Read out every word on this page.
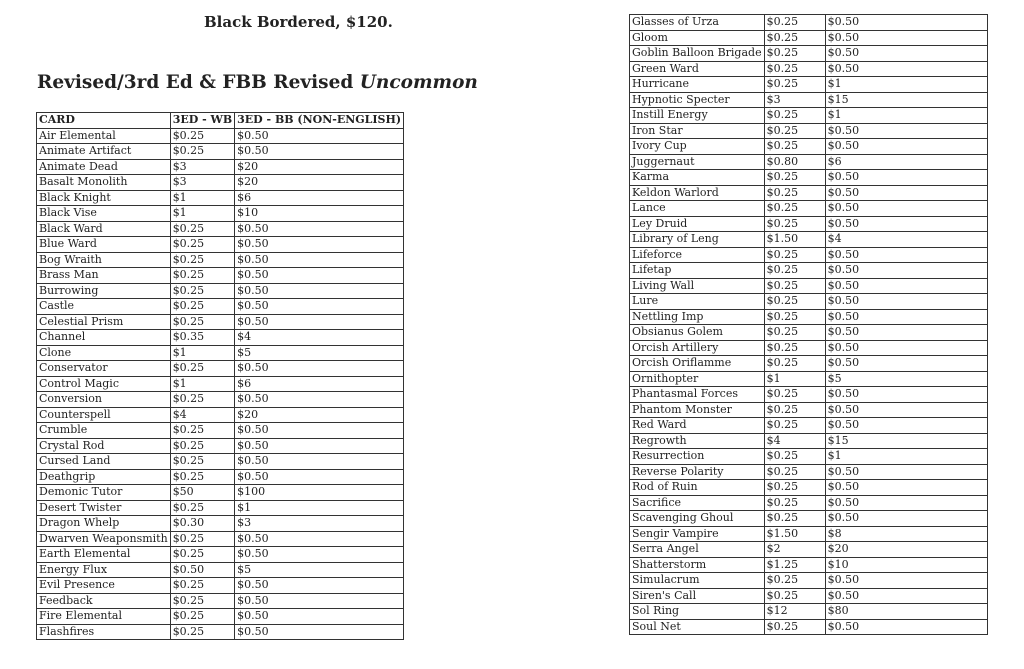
Black Bordered, $120.
Revised/3rd Ed & FBB Revised Uncommon
CARD	3ED - WB	3ED - BB (NON-ENGLISH)
Air Elemental	$0.25	$0.50
Animate Artifact	$0.25	$0.50
Animate Dead	$3	$20
Basalt Monolith	$3	$20
Black Knight	$1	$6
Black Vise	$1	$10
Black Ward	$0.25	$0.50
Blue Ward	$0.25	$0.50
Bog Wraith	$0.25	$0.50
Brass Man	$0.25	$0.50
Burrowing	$0.25	$0.50
Castle	$0.25	$0.50
Celestial Prism	$0.25	$0.50
Channel	$0.35	$4
Clone	$1	$5
Conservator	$0.25	$0.50
Control Magic	$1	$6
Conversion	$0.25	$0.50
Counterspell	$4	$20
Crumble	$0.25	$0.50
Crystal Rod	$0.25	$0.50
Cursed Land	$0.25	$0.50
Deathgrip	$0.25	$0.50
Demonic Tutor	$50	$100
Desert Twister	$0.25	$1
Dragon Whelp	$0.30	$3
Dwarven Weaponsmith	$0.25	$0.50
Earth Elemental	$0.25	$0.50
Energy Flux	$0.50	$5
Evil Presence	$0.25	$0.50
Feedback	$0.25	$0.50
Fire Elemental	$0.25	$0.50
Flashfires	$0.25	$0.50
Glasses of Urza	$0.25	$0.50
Gloom	$0.25	$0.50
Goblin Balloon Brigade	$0.25	$0.50
Green Ward	$0.25	$0.50
Hurricane	$0.25	$1
Hypnotic Specter	$3	$15
Instill Energy	$0.25	$1
Iron Star	$0.25	$0.50
Ivory Cup	$0.25	$0.50
Juggernaut	$0.80	$6
Karma	$0.25	$0.50
Keldon Warlord	$0.25	$0.50
Lance	$0.25	$0.50
Ley Druid	$0.25	$0.50
Library of Leng	$1.50	$4
Lifeforce	$0.25	$0.50
Lifetap	$0.25	$0.50
Living Wall	$0.25	$0.50
Lure	$0.25	$0.50
Nettling Imp	$0.25	$0.50
Obsianus Golem	$0.25	$0.50
Orcish Artillery	$0.25	$0.50
Orcish Oriflamme	$0.25	$0.50
Ornithopter	$1	$5
Phantasmal Forces	$0.25	$0.50
Phantom Monster	$0.25	$0.50
Red Ward	$0.25	$0.50
Regrowth	$4	$15
Resurrection	$0.25	$1
Reverse Polarity	$0.25	$0.50
Rod of Ruin	$0.25	$0.50
Sacrifice	$0.25	$0.50
Scavenging Ghoul	$0.25	$0.50
Sengir Vampire	$1.50	$8
Serra Angel	$2	$20
Shatterstorm	$1.25	$10
Simulacrum	$0.25	$0.50
Siren's Call	$0.25	$0.50
Sol Ring	$12	$80
Soul Net	$0.25	$0.50
